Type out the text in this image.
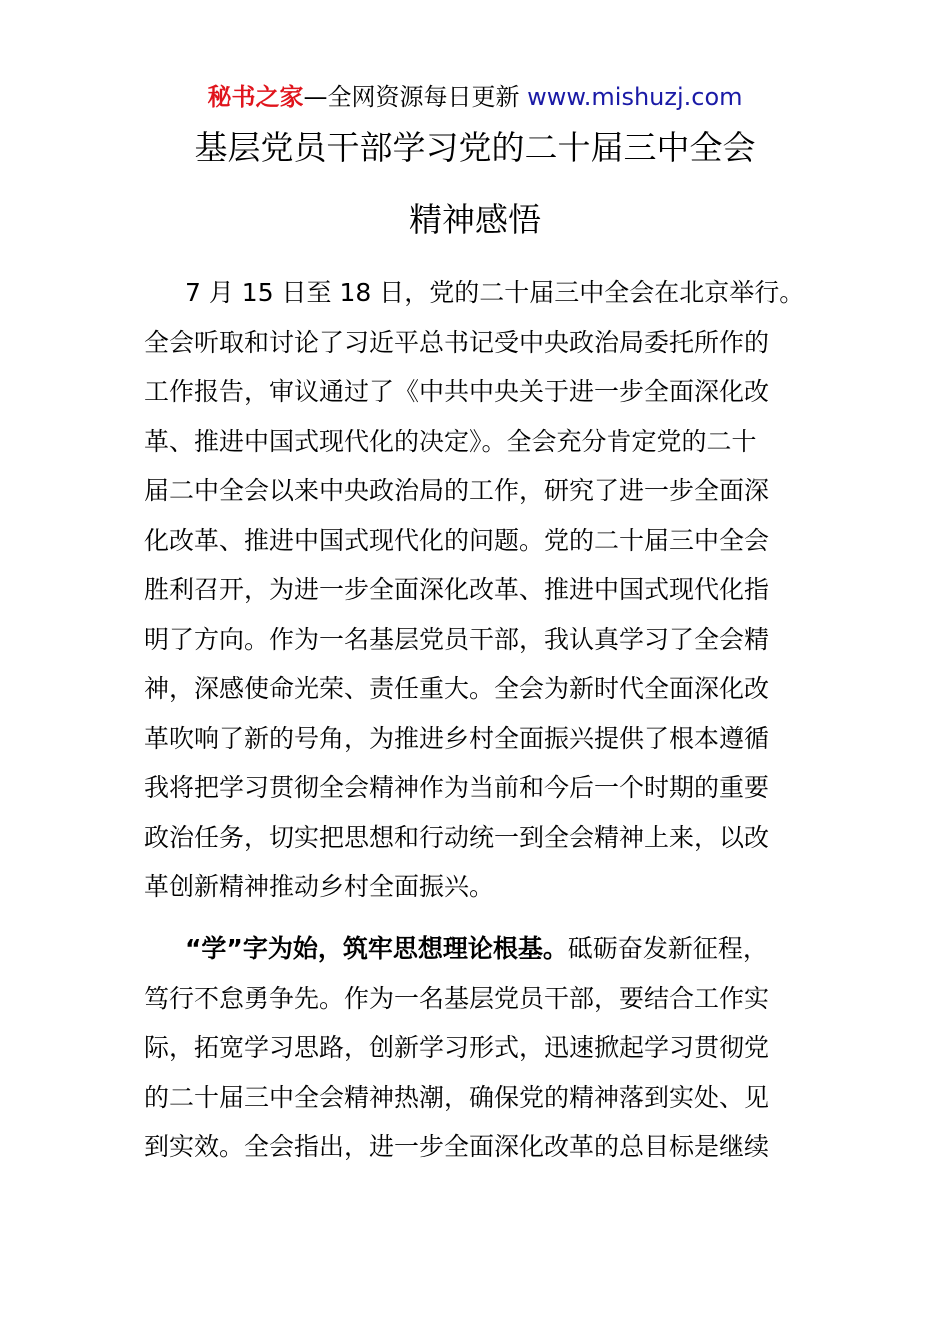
秘书之家—全网资源每日更新 www.mishuzj.com
基层党员干部学习党的二十届三中全会
精神感悟

7 月 15 日至 18 日，党的二十届三中全会在北京举行。
全会听取和讨论了习近平总书记受中央政治局委托所作的
工作报告，审议通过了《中共中央关于进一步全面深化改
革、推进中国式现代化的决定》。全会充分肯定党的二十
届二中全会以来中央政治局的工作，研究了进一步全面深
化改革、推进中国式现代化的问题。党的二十届三中全会
胜利召开，为进一步全面深化改革、推进中国式现代化指
明了方向。作为一名基层党员干部，我认真学习了全会精
神，深感使命光荣、责任重大。全会为新时代全面深化改
革吹响了新的号角，为推进乡村全面振兴提供了根本遵循
我将把学习贯彻全会精神作为当前和今后一个时期的重要
政治任务，切实把思想和行动统一到全会精神上来，以改
革创新精神推动乡村全面振兴。

“学”字为始，筑牢思想理论根基。砥砺奋发新征程，
笃行不怠勇争先。作为一名基层党员干部，要结合工作实
际，拓宽学习思路，创新学习形式，迅速掀起学习贯彻党
的二十届三中全会精神热潮，确保党的精神落到实处、见
到实效。全会指出，进一步全面深化改革的总目标是继续
